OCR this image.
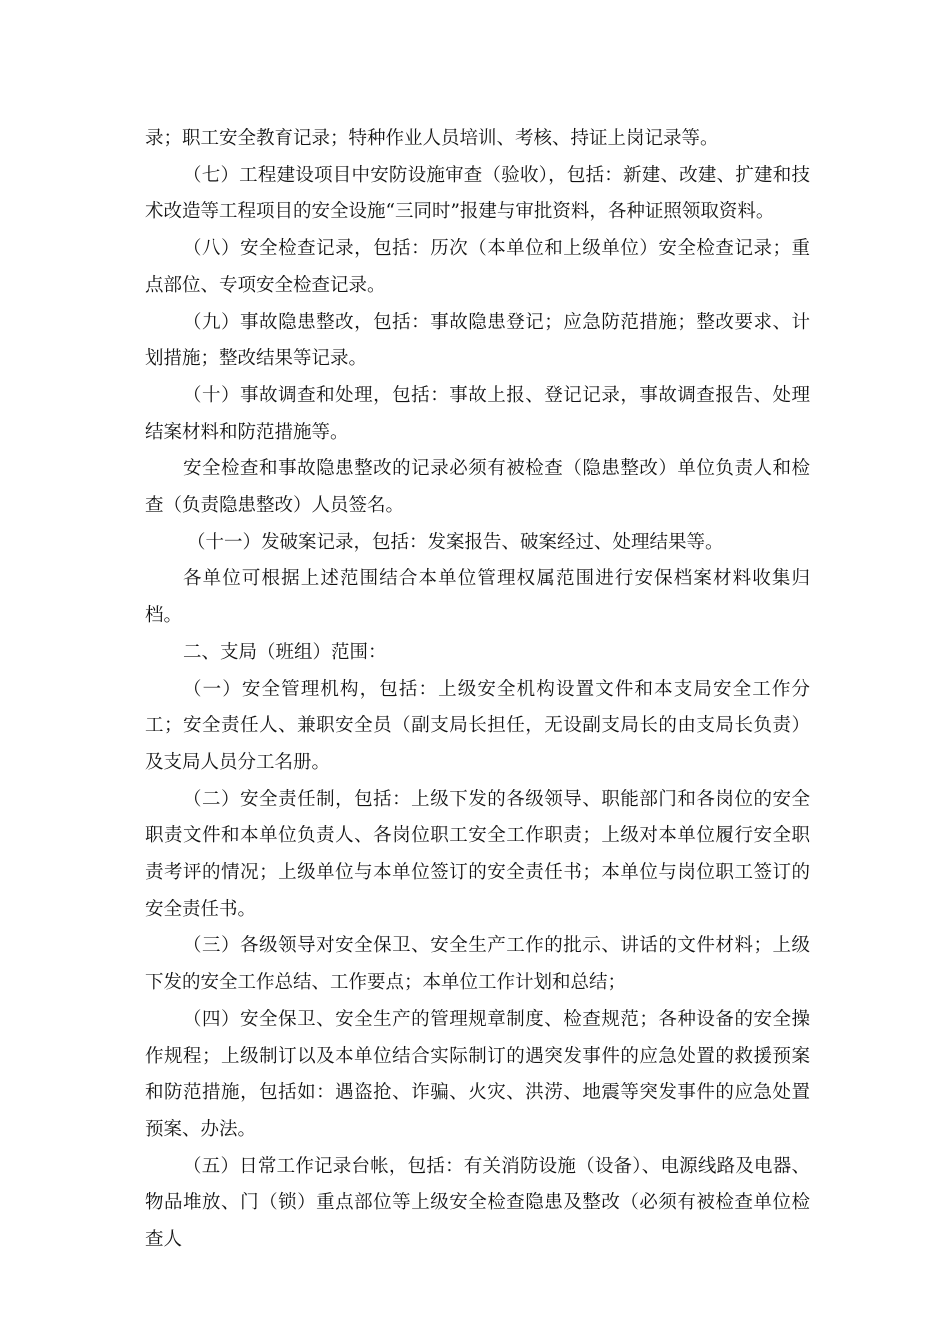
录；职工安全教育记录；特种作业人员培训、考核、持证上岗记录等。

（七）工程建设项目中安防设施审查（验收），包括：新建、改建、扩建和技术改造等工程项目的安全设施“三同时”报建与审批资料，各种证照领取资料。

（八）安全检查记录，包括：历次（本单位和上级单位）安全检查记录；重点部位、专项安全检查记录。

（九）事故隐患整改，包括：事故隐患登记；应急防范措施；整改要求、计划措施；整改结果等记录。

（十）事故调查和处理，包括：事故上报、登记记录，事故调查报告、处理结案材料和防范措施等。

安全检查和事故隐患整改的记录必须有被检查（隐患整改）单位负责人和检查（负责隐患整改）人员签名。

（十一）发破案记录，包括：发案报告、破案经过、处理结果等。

各单位可根据上述范围结合本单位管理权属范围进行安保档案材料收集归档。

二、支局（班组）范围：

（一）安全管理机构，包括：上级安全机构设置文件和本支局安全工作分工；安全责任人、兼职安全员（副支局长担任，无设副支局长的由支局长负责）及支局人员分工名册。

（二）安全责任制，包括：上级下发的各级领导、职能部门和各岗位的安全职责文件和本单位负责人、各岗位职工安全工作职责；上级对本单位履行安全职责考评的情况；上级单位与本单位签订的安全责任书；本单位与岗位职工签订的安全责任书。

（三）各级领导对安全保卫、安全生产工作的批示、讲话的文件材料；上级下发的安全工作总结、工作要点；本单位工作计划和总结；

（四）安全保卫、安全生产的管理规章制度、检查规范；各种设备的安全操作规程；上级制订以及本单位结合实际制订的遇突发事件的应急处置的救援预案和防范措施，包括如：遇盗抢、诈骗、火灾、洪涝、地震等突发事件的应急处置预案、办法。

（五）日常工作记录台帐，包括：有关消防设施（设备）、电源线路及电器、物品堆放、门（锁）重点部位等上级安全检查隐患及整改（必须有被检查单位检查人
